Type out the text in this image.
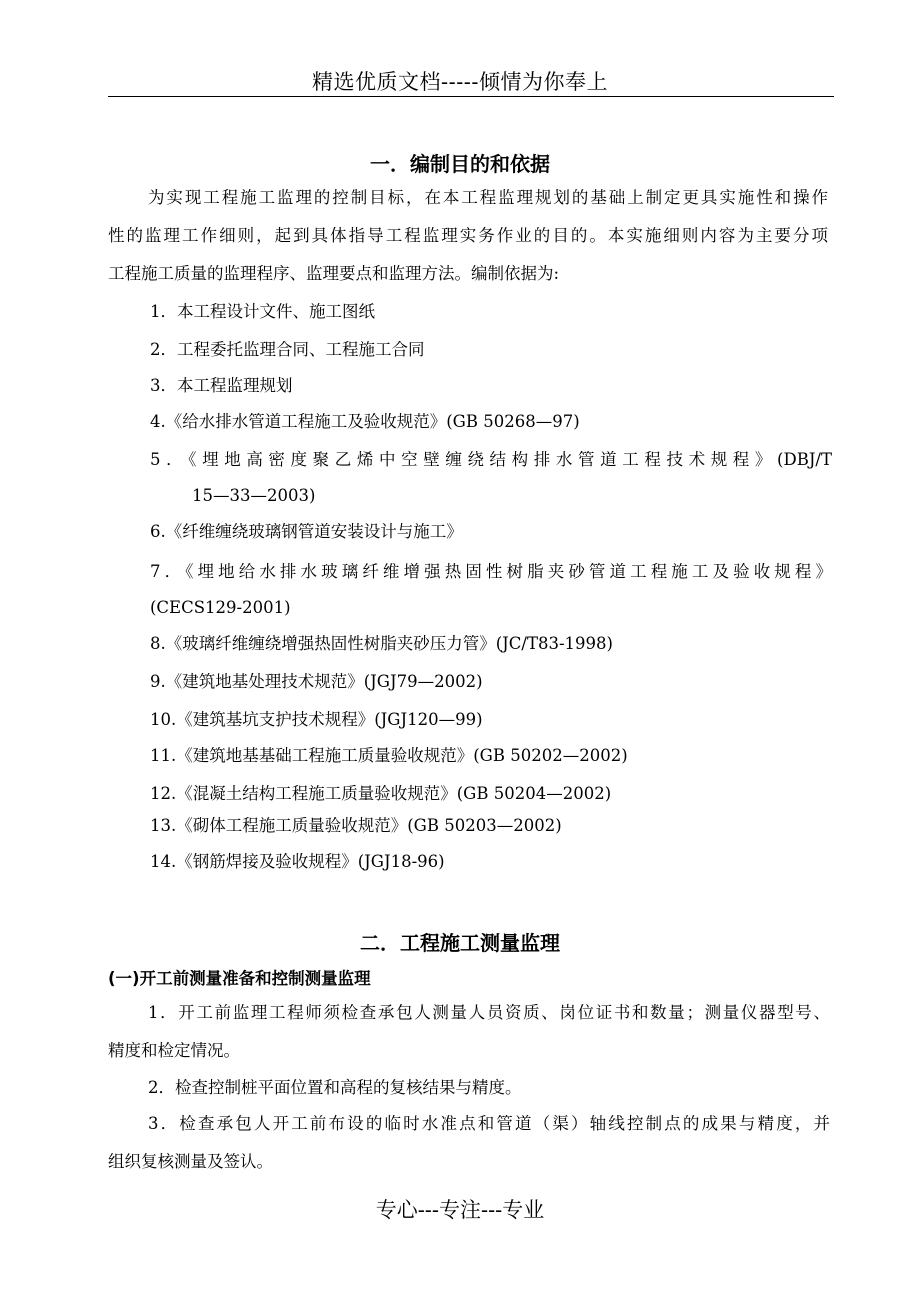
精选优质文档-----倾情为你奉上
一．编制目的和依据
为实现工程施工监理的控制目标，在本工程监理规划的基础上制定更具实施性和操作
性的监理工作细则，起到具体指导工程监理实务作业的目的。本实施细则内容为主要分项
工程施工质量的监理程序、监理要点和监理方法。编制依据为:
1．本工程设计文件、施工图纸
2．工程委托监理合同、工程施工合同
3．本工程监理规划
4.《给水排水管道工程施工及验收规范》(GB 50268—97)
5．《埋地高密度聚乙烯中空壁缠绕结构排水管道工程技术规程》(DBJ/T
15—33—2003)
6.《纤维缠绕玻璃钢管道安装设计与施工》
7．《埋地给水排水玻璃纤维增强热固性树脂夹砂管道工程施工及验收规程》
(CECS129-2001)
8.《玻璃纤维缠绕增强热固性树脂夹砂压力管》(JC/T83-1998)
9.《建筑地基处理技术规范》(JGJ79—2002)
10.《建筑基坑支护技术规程》(JGJ120—99)
11.《建筑地基基础工程施工质量验收规范》(GB 50202—2002)
12.《混凝土结构工程施工质量验收规范》(GB 50204—2002)
13.《砌体工程施工质量验收规范》(GB 50203—2002)
14.《钢筋焊接及验收规程》(JGJ18-96)
二．工程施工测量监理
(一)开工前测量准备和控制测量监理
1．开工前监理工程师须检查承包人测量人员资质、岗位证书和数量；测量仪器型号、
精度和检定情况。
2．检查控制桩平面位置和高程的复核结果与精度。
3．检查承包人开工前布设的临时水准点和管道（渠）轴线控制点的成果与精度，并
组织复核测量及签认。
专心---专注---专业
